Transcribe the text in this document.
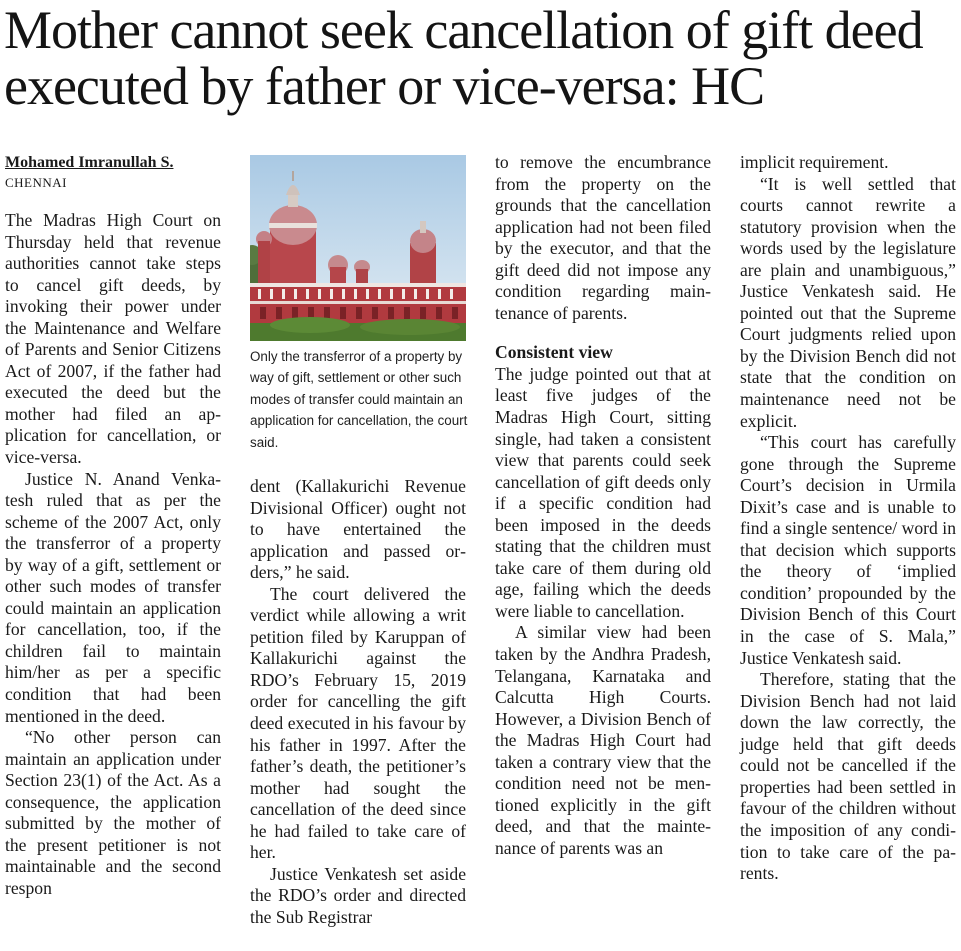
Mother cannot seek cancellation of gift deed executed by father or vice-versa: HC

Mohamed Imranullah S.

CHENNAI

The Madras High Court on Thursday held that revenue authorities cannot take steps to cancel gift deeds, by invoking their power under the Maintenance and Welfare of Parents and Senior Citizens Act of 2007, if the father had executed the deed but the mother had filed an application for cancellation, or vice-versa.

Justice N. Anand Venkatesh ruled that as per the scheme of the 2007 Act, only the transferror of a property by way of a gift, settlement or other such modes of transfer could maintain an application for cancellation, too, if the children fail to maintain him/her as per a specific condition that had been mentioned in the deed.

“No other person can maintain an application under Section 23(1) of the Act. As a consequence, the application submitted by the mother of the present petitioner is not maintainable and the second respon

Only the transferror of a property by way of gift, settlement or other such modes of transfer could maintain an application for cancellation, the court said.

dent (Kallakurichi Revenue Divisional Officer) ought not to have entertained the application and passed orders,” he said.

The court delivered the verdict while allowing a writ petition filed by Karuppan of Kallakurichi against the RDO’s February 15, 2019 order for cancelling the gift deed executed in his favour by his father in 1997. After the father’s death, the petitioner’s mother had sought the cancellation of the deed since he had failed to take care of her.

Justice Venkatesh set aside the RDO’s order and directed the Sub Registrar

to remove the encumbrance from the property on the grounds that the cancellation application had not been filed by the executor, and that the gift deed did not impose any condition regarding maintenance of parents.

Consistent view

The judge pointed out that at least five judges of the Madras High Court, sitting single, had taken a consistent view that parents could seek cancellation of gift deeds only if a specific condition had been imposed in the deeds stating that the children must take care of them during old age, failing which the deeds were liable to cancellation.

A similar view had been taken by the Andhra Pradesh, Telangana, Karnataka and Calcutta High Courts. However, a Division Bench of the Madras High Court had taken a contrary view that the condition need not be mentioned explicitly in the gift deed, and that the maintenance of parents was an

implicit requirement.

“It is well settled that courts cannot rewrite a statutory provision when the words used by the legislature are plain and unambiguous,” Justice Venkatesh said. He pointed out that the Supreme Court judgments relied upon by the Division Bench did not state that the condition on maintenance need not be explicit.

“This court has carefully gone through the Supreme Court’s decision in Urmila Dixit’s case and is unable to find a single sentence/ word in that decision which supports the theory of ‘implied condition’ propounded by the Division Bench of this Court in the case of S. Mala,” Justice Venkatesh said.

Therefore, stating that the Division Bench had not laid down the law correctly, the judge held that gift deeds could not be cancelled if the properties had been settled in favour of the children without the imposition of any condition to take care of the parents.
